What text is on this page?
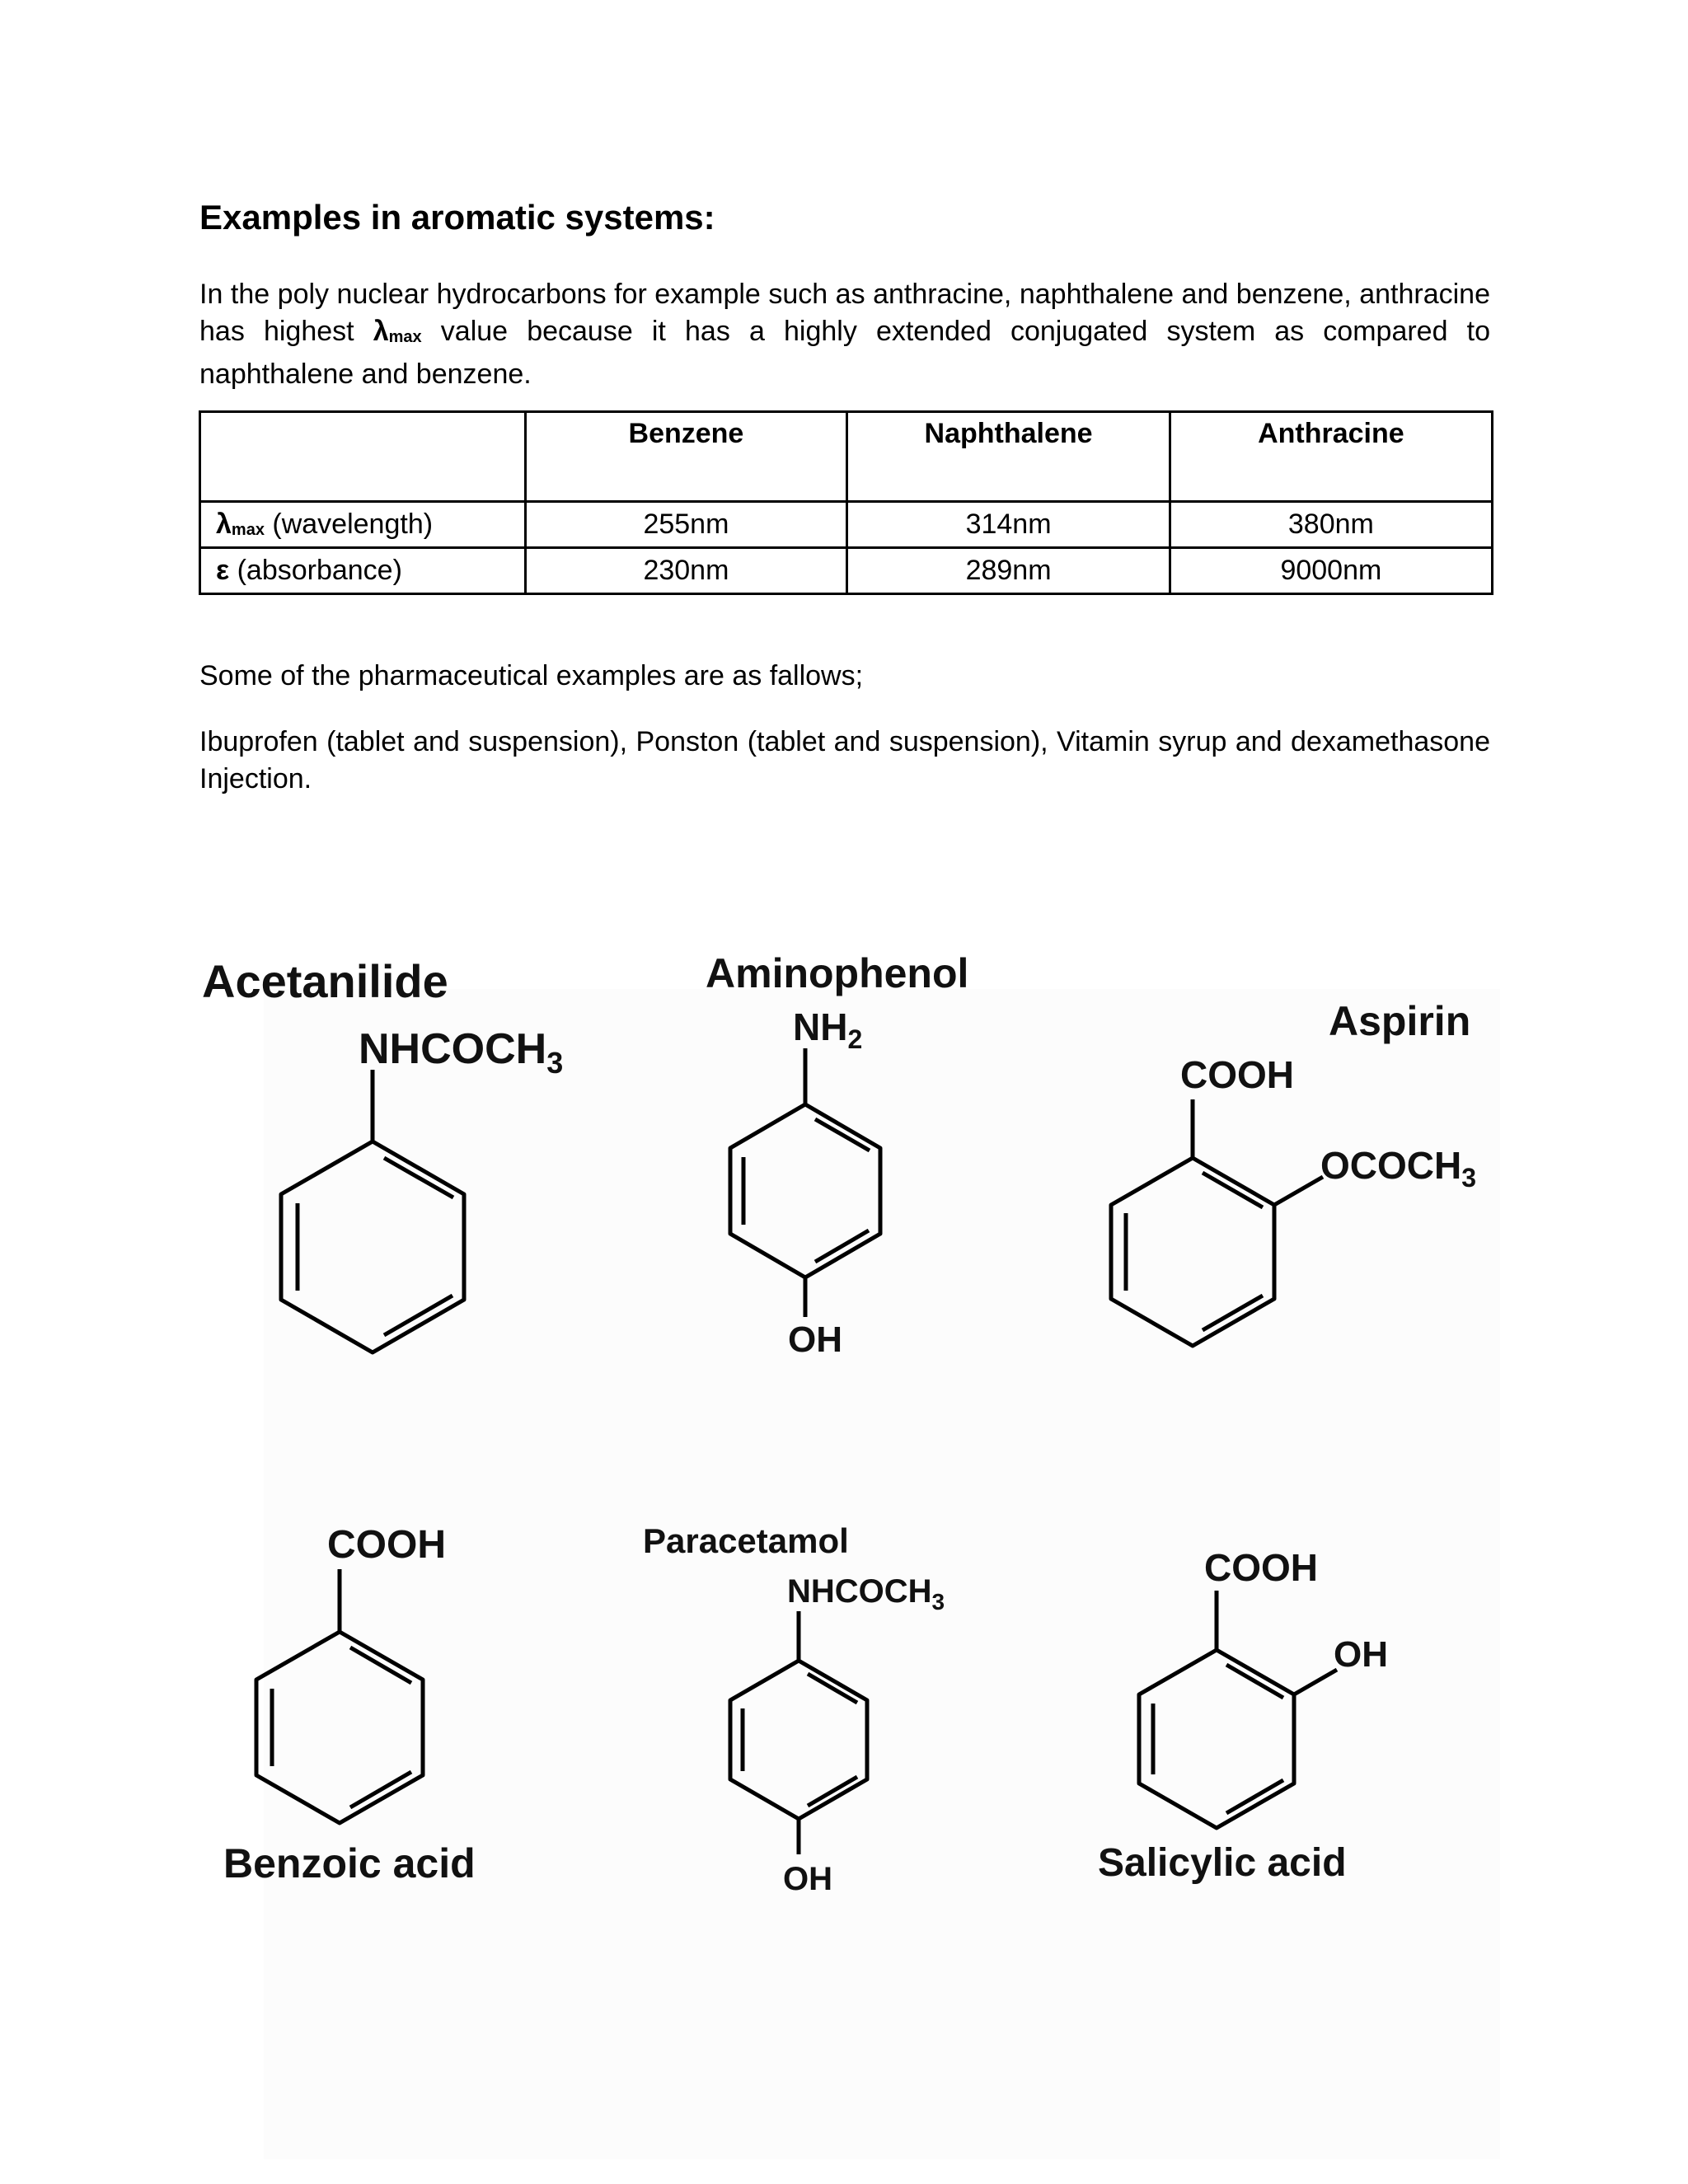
Examples in aromatic systems:
In the poly nuclear hydrocarbons for example such as anthracine, naphthalene and benzene, anthracine has highest $\lambda_{max}$ value because it has a highly extended conjugated system as compared to naphthalene and benzene.
	Benzene	Naphthalene	Anthracine
$\lambda_{max}$ (wavelength)	255nm	314nm	380nm
ε (absorbance)	230nm	289nm	9000nm
Some of the pharmaceutical examples are as fallows;
Ibuprofen (tablet and suspension), Ponston (tablet and suspension), Vitamin syrup and dexamethasone Injection.
Acetanilide
$NHCOCH_3$
Aminophenol
$NH_2$
OH
Aspirin
COOH
$OCOCH_3$
COOH
Benzoic acid
Paracetamol
$NHCOCH_3$
OH
COOH
OH
Salicylic acid
